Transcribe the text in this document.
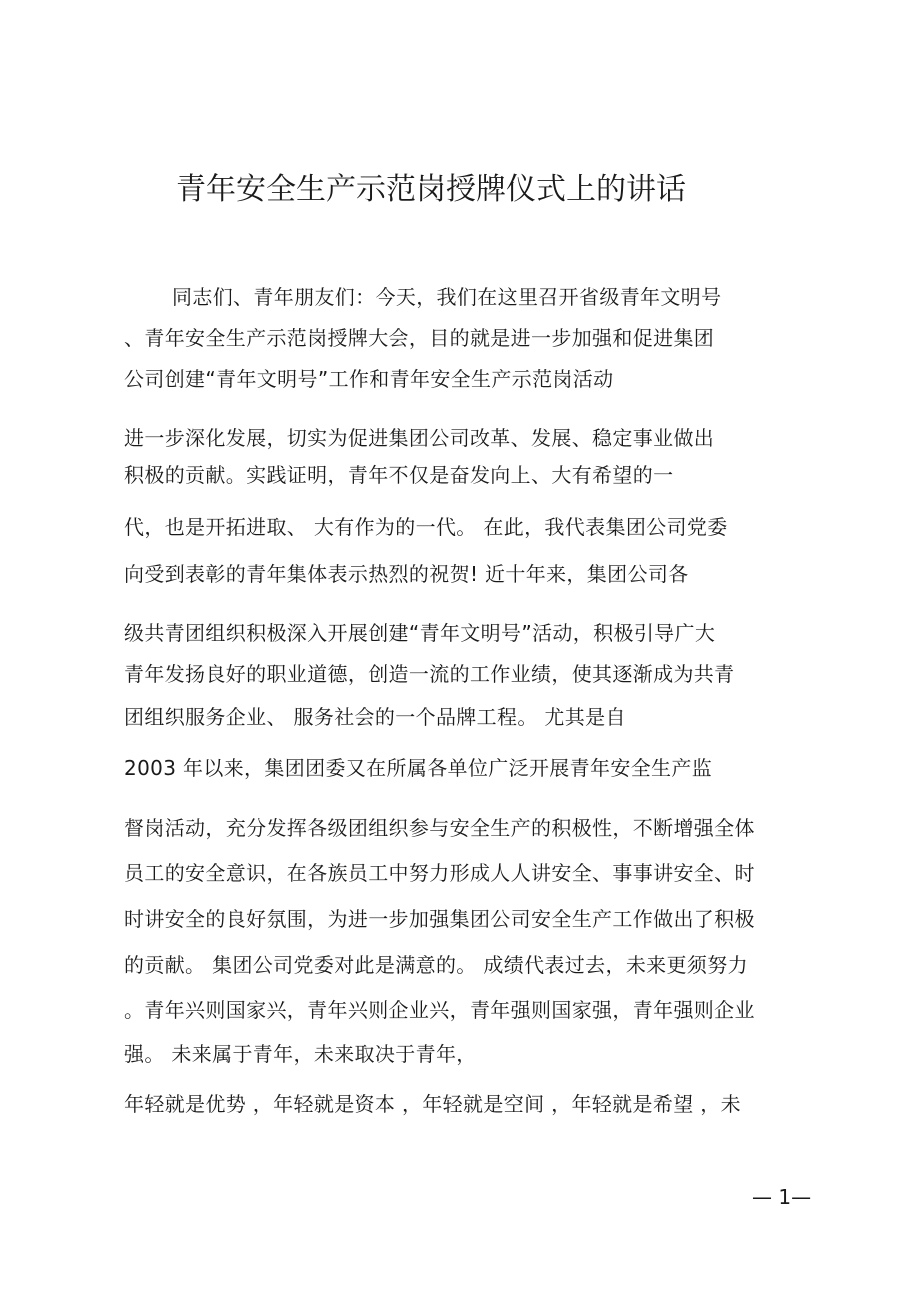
青年安全生产示范岗授牌仪式上的讲话
同志们、青年朋友们：今天，我们在这里召开省级青年文明号
、青年安全生产示范岗授牌大会，目的就是进一步加强和促进集团
公司创建“青年文明号”工作和青年安全生产示范岗活动
进一步深化发展，切实为促进集团公司改革、发展、稳定事业做出
积极的贡献。实践证明，青年不仅是奋发向上、大有希望的一
代，也是开拓进取、 大有作为的一代。 在此，我代表集团公司党委
向受到表彰的青年集体表示热烈的祝贺! 近十年来，集团公司各
级共青团组织积极深入开展创建“青年文明号”活动，积极引导广大
青年发扬良好的职业道德，创造一流的工作业绩，使其逐渐成为共青
团组织服务企业、 服务社会的一个品牌工程。 尤其是自
2003 年以来，集团团委又在所属各单位广泛开展青年安全生产监
督岗活动，充分发挥各级团组织参与安全生产的积极性，不断增强全体
员工的安全意识，在各族员工中努力形成人人讲安全、事事讲安全、时
时讲安全的良好氛围，为进一步加强集团公司安全生产工作做出了积极
的贡献。 集团公司党委对此是满意的。 成绩代表过去，未来更须努力
。青年兴则国家兴，青年兴则企业兴，青年强则国家强，青年强则企业
强。 未来属于青年，未来取决于青年，
年轻就是优势 ，年轻就是资本 ，年轻就是空间 ，年轻就是希望 ，未
— 1—
